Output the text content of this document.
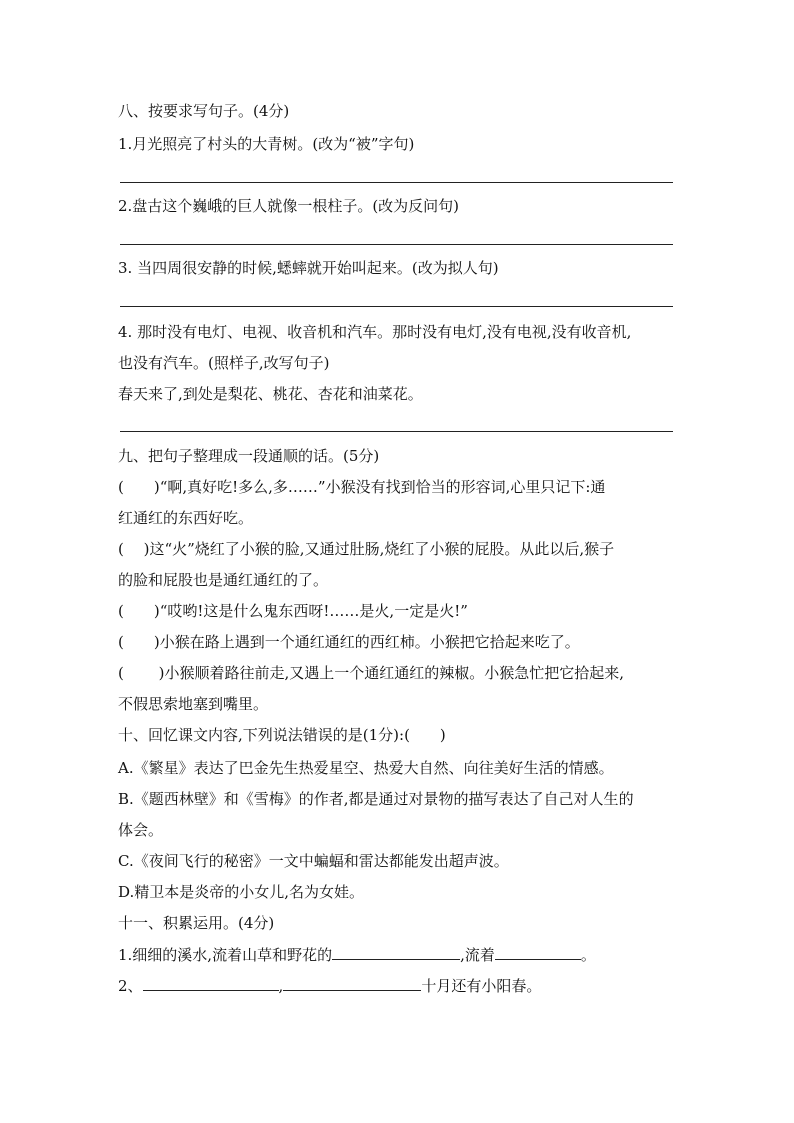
八、按要求写句子。(4分)
1.月光照亮了村头的大青树。(改为“被”字句)
2.盘古这个巍峨的巨人就像一根柱子。(改为反问句)
3. 当四周很安静的时候,蟋蟀就开始叫起来。(改为拟人句)
4. 那时没有电灯、电视、收音机和汽车。那时没有电灯,没有电视,没有收音机,
也没有汽车。(照样子,改写句子)
春天来了,到处是梨花、桃花、杏花和油菜花。
九、把句子整理成一段通顺的话。(5分)
(　　)“啊,真好吃!多么,多……”小猴没有找到恰当的形容词,心里只记下:通
红通红的东西好吃。
(　 )这“火”烧红了小猴的脸,又通过肚肠,烧红了小猴的屁股。从此以后,猴子
的脸和屁股也是通红通红的了。
(　　)“哎哟!这是什么鬼东西呀!……是火,一定是火!”
(　　)小猴在路上遇到一个通红通红的西红柿。小猴把它拾起来吃了。
(　　 )小猴顺着路往前走,又遇上一个通红通红的辣椒。小猴急忙把它拾起来,
不假思索地塞到嘴里。
十、回忆课文内容,下列说法错误的是(1分):(　　)
A.《繁星》表达了巴金先生热爱星空、热爱大自然、向往美好生活的情感。
B.《题西林壁》和《雪梅》的作者,都是通过对景物的描写表达了自己对人生的
体会。
C.《夜间飞行的秘密》一文中蝙蝠和雷达都能发出超声波。
D.精卫本是炎帝的小女儿,名为女娃。
十一、积累运用。(4分)
1.细细的溪水,流着山草和野花的	,流着	。
2、	,	十月还有小阳春。
